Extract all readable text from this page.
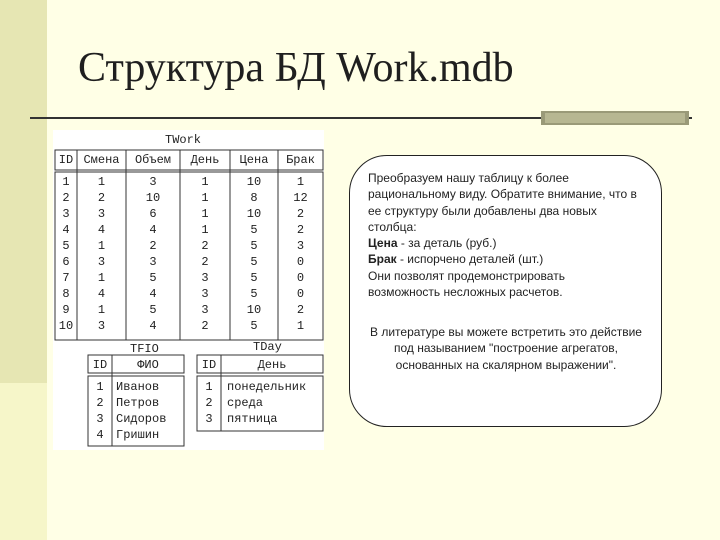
Структура БД Work.mdb
TWork
TFIO	TDay
ID Смена	Объем	День	Цена	Брак
1	1	3	1	10	1
2	2	10	1	8	12
3	3	6	1	10	2
4	4	4	1	5	2
5	1	2	2	5	3
6	3	3	2	5	0
7	1	5	3	5	0
8	4	4	3	5	0
9	1	5	3	10	2
10	3	4	2	5	1
ID	ФИО
1	Иванов
2	Петров
3	Сидоров
4	Гришин
ID	День
1	понедельник
2	среда
3	пятница
Преобразуем нашу таблицу к более рациональному виду. Обратите внимание, что в ее структуру были добавлены два новых столбца:
Цена - за деталь (руб.)
Брак - испорчено деталей (шт.)
Они позволят продемонстрировать возможность несложных расчетов.
В литературе вы можете встретить это действие под называнием "построение агрегатов, основанных на скалярном выражении".
